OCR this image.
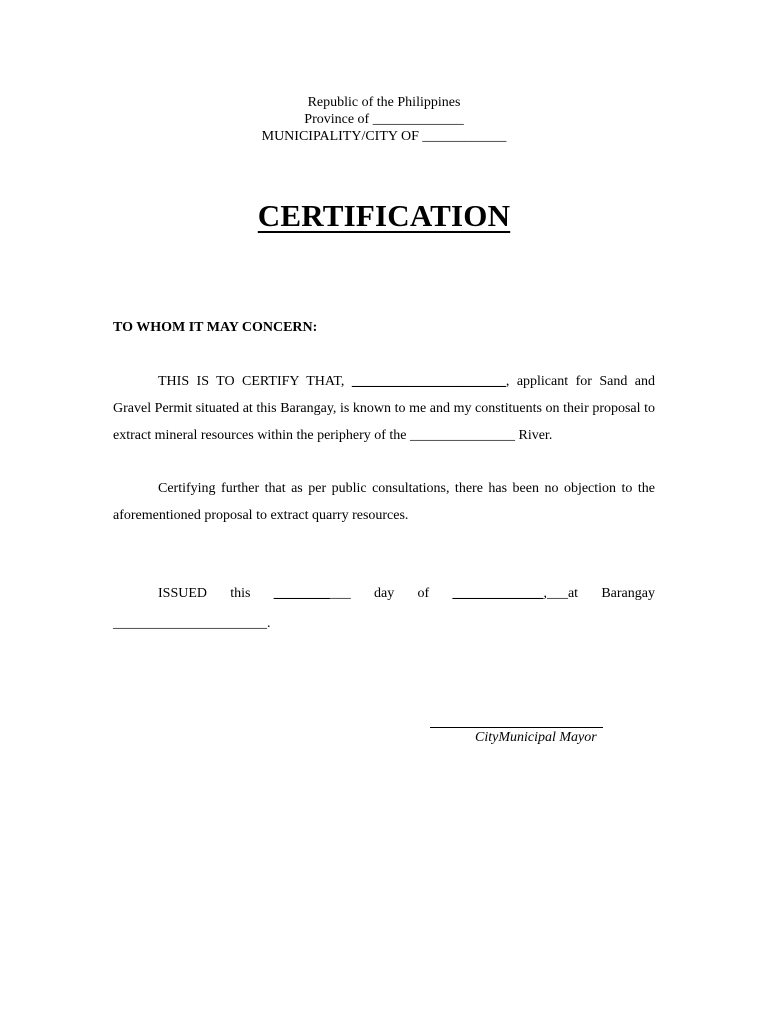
Republic of the Philippines
Province of _____________
MUNICIPALITY/CITY OF ____________
CERTIFICATION
TO WHOM IT MAY CONCERN:
THIS IS TO CERTIFY THAT, ______________________, applicant for Sand and Gravel Permit situated at this Barangay, is known to me and my constituents on their proposal to extract mineral resources within the periphery of the _______________ River.
Certifying further that as per public consultations, there has been no objection to the aforementioned proposal to extract quarry resources.
ISSUED this ___________ day of _____________,___at Barangay
______________________.
CityMunicipal Mayor
